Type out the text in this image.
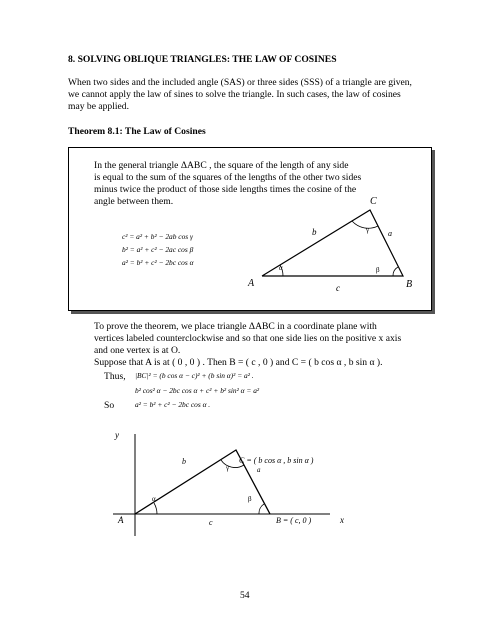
8. SOLVING OBLIQUE TRIANGLES: THE LAW OF COSINES
When two sides and the included angle (SAS) or three sides (SSS) of a triangle are given,
we cannot apply the law of sines to solve the triangle. In such cases, the law of cosines
may be applied.
Theorem 8.1: The Law of Cosines
In the general triangle ΔABC , the square of the length of any side
is equal to the sum of the squares of the lengths of the other two sides
minus twice the product of those side lengths times the cosine of the
angle between them.
c² = a² + b² − 2ab cos γ
b² = a² + c² − 2ac cos β
a² = b² + c² − 2bc cos α
A	B
C
a
b
c
α	β
γ
To prove the theorem, we place triangle ΔABC in a coordinate plane with
vertices labeled counterclockwise and so that one side lies on the positive x axis
and one vertex is at O.
Suppose that A is at ( 0 , 0 ) . Then B = ( c , 0 ) and C = ( b cos α , b sin α ).
Thus, |BC|² = (b cos α − c)² + (b sin α)² = a² .
b² cos² α − 2bc cos α + c² + b² sin² α = a²
So	a² = b² + c² − 2bc cos α .
y
x
A	B = ( c, 0 )
C = ( b cos α , b sin α )
a
b
c
α	β
γ
54
